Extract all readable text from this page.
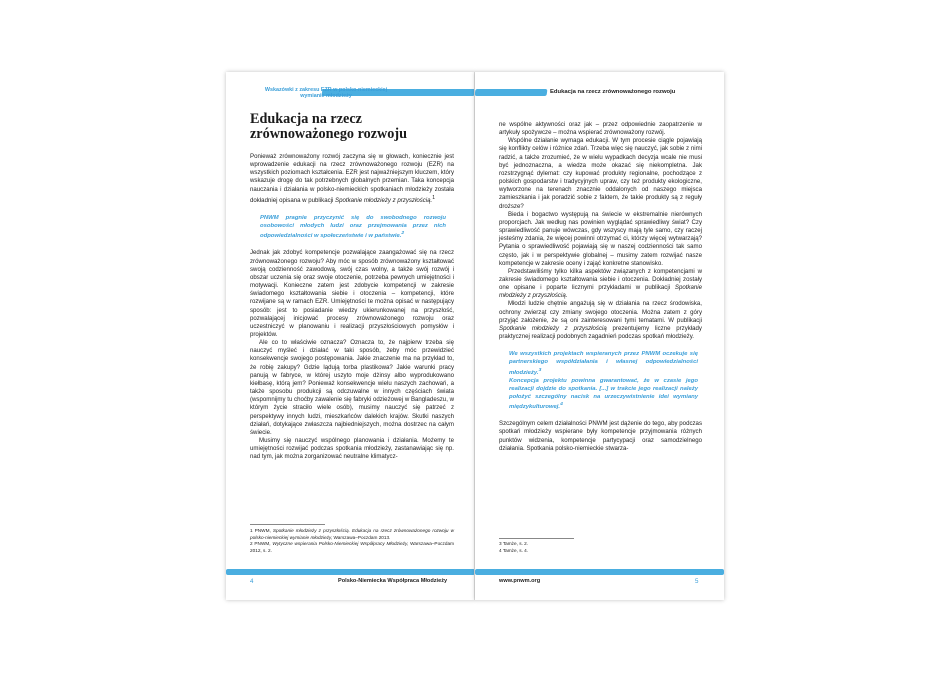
Wskazówki z zakresu EZR w polsko-niemieckiej wymianie młodzieży
Edukacja na rzecz zrównoważonego rozwoju

Ponieważ zrównoważony rozwój zaczyna się w głowach, koniecznie jest wprowadzenie edukacji na rzecz zrównoważonego rozwoju (EZR) na wszystkich poziomach kształcenia. EZR jest najważniejszym kluczem, który wskazuje drogę do tak potrzebnych globalnych przemian. Taka koncepcja nauczania i działania w polsko-niemieckich spotkaniach młodzieży została dokładniej opisana w publikacji Spotkanie młodzieży z przyszłością.$^1$

PNWM pragnie przyczynić się do swobodnego rozwoju osobowości młodych ludzi oraz przejmowania przez nich odpowiedzialności w społeczeństwie i w państwie.$^2$

Jednak jak zdobyć kompetencje pozwalające zaangażować się na rzecz zrównoważonego rozwoju? Aby móc w sposób zrównoważony kształtować swoją codzienność zawodową, swój czas wolny, a także swój rozwój i obszar uczenia się oraz swoje otoczenie, potrzeba pewnych umiejętności i motywacji. Konieczne zatem jest zdobycie kompetencji w zakresie świadomego kształtowania siebie i otoczenia – kompetencji, które rozwijane są w ramach EZR. Umiejętności te można opisać w następujący sposób: jest to posiadanie wiedzy ukierunkowanej na przyszłość, pozwalającej inicjować procesy zrównoważonego rozwoju oraz uczestniczyć w planowaniu i realizacji przyszłościowych pomysłów i projektów.

Ale co to właściwie oznacza? Oznacza to, że najpierw trzeba się nauczyć myśleć i działać w taki sposób, żeby móc przewidzieć konsekwencje swojego postępowania. Jakie znaczenie ma na przykład to, że robię zakupy? Gdzie lądują torba plastikowa? Jakie warunki pracy panują w fabryce, w której uszyto moje dżinsy albo wyprodukowano kiełbasę, którą jem? Ponieważ konsekwencje wielu naszych zachowań, a także sposobu produkcji są odczuwalne w innych częściach świata (wspomnijmy tu choćby zawalenie się fabryki odzieżowej w Bangladeszu, w którym życie straciło wiele osób), musimy nauczyć się patrzeć z perspektywy innych ludzi, mieszkańców dalekich krajów. Skutki naszych działań, dotykające zwłaszcza najbiedniejszych, można dostrzec na całym świecie.

Musimy się nauczyć wspólnego planowania i działania. Możemy te umiejętności rozwijać podczas spotkania młodzieży, zastanawiając się np. nad tym, jak można zorganizować neutralne klimatycz-

1 PNWM, Spotkanie młodzieży z przyszłością. Edukacja na rzecz zrównoważonego rozwoju w polsko-niemieckiej wymianie młodzieży, Warszawa–Poczdam 2013.

2 PNWM, Wytyczne wspierania Polsko-Niemieckiej Współpracy Młodzieży, Warszawa–Poczdam 2012, s. 2.

4	Polsko-Niemiecka Współpraca Młodzieży
Edukacja na rzecz zrównoważonego rozwoju

ne wspólne aktywności oraz jak – przez odpowiednie zaopatrzenie w artykuły spożywcze – można wspierać zrównoważony rozwój.

Wspólne działanie wymaga edukacji. W tym procesie ciągle pojawiają się konflikty celów i różnice zdań. Trzeba więc się nauczyć, jak sobie z nimi radzić, a także zrozumieć, że w wielu wypadkach decyzja wcale nie musi być jednoznaczna, a wiedza może okazać się niekompletna. Jak rozstrzygnąć dylemat: czy kupować produkty regionalne, pochodzące z polskich gospodarstw i tradycyjnych upraw, czy też produkty ekologiczne, wytworzone na terenach znacznie oddalonych od naszego miejsca zamieszkania i jak poradzić sobie z faktem, że takie produkty są z reguły droższe?

Bieda i bogactwo występują na świecie w ekstremalnie nierównych proporcjach. Jak według nas powinien wyglądać sprawiedliwy świat? Czy sprawiedliwość panuje wówczas, gdy wszyscy mają tyle samo, czy raczej jesteśmy zdania, że więcej powinni otrzymać ci, którzy więcej wytwarzają? Pytania o sprawiedliwość pojawiają się w naszej codzienności tak samo często, jak i w perspektywie globalnej – musimy zatem rozwijać nasze kompetencje w zakresie oceny i zająć konkretne stanowisko.

Przedstawiliśmy tylko kilka aspektów związanych z kompetencjami w zakresie świadomego kształtowania siebie i otoczenia. Dokładniej zostały one opisane i poparte licznymi przykładami w publikacji Spotkanie młodzieży z przyszłością.

Młodzi ludzie chętnie angażują się w działania na rzecz środowiska, ochrony zwierząt czy zmiany swojego otoczenia. Można zatem z góry przyjąć założenie, że są oni zainteresowani tymi tematami. W publikacji Spotkanie młodzieży z przyszłością prezentujemy liczne przykłady praktycznej realizacji podobnych zagadnień podczas spotkań młodzieży.

We wszystkich projektach wspieranych przez PNWM oczekuje się partnerskiego współdziałania i własnej odpowiedzialności młodzieży.$^3$

Koncepcja projektu powinna gwarantować, że w czasie jego realizacji dojdzie do spotkania. [...] w trakcie jego realizacji należy położyć szczególny nacisk na urzeczywistnienie idei wymiany międzykulturowej.$^4$

Szczególnym celem działalności PNWM jest dążenie do tego, aby podczas spotkań młodzieży wspierane były kompetencje przyjmowania różnych punktów widzenia, kompetencje partycypacji oraz samodzielnego działania. Spotkania polsko-niemieckie stwarza-

3 Tamże, s. 2.

4 Tamże, s. 4.

www.pnwm.org	5
